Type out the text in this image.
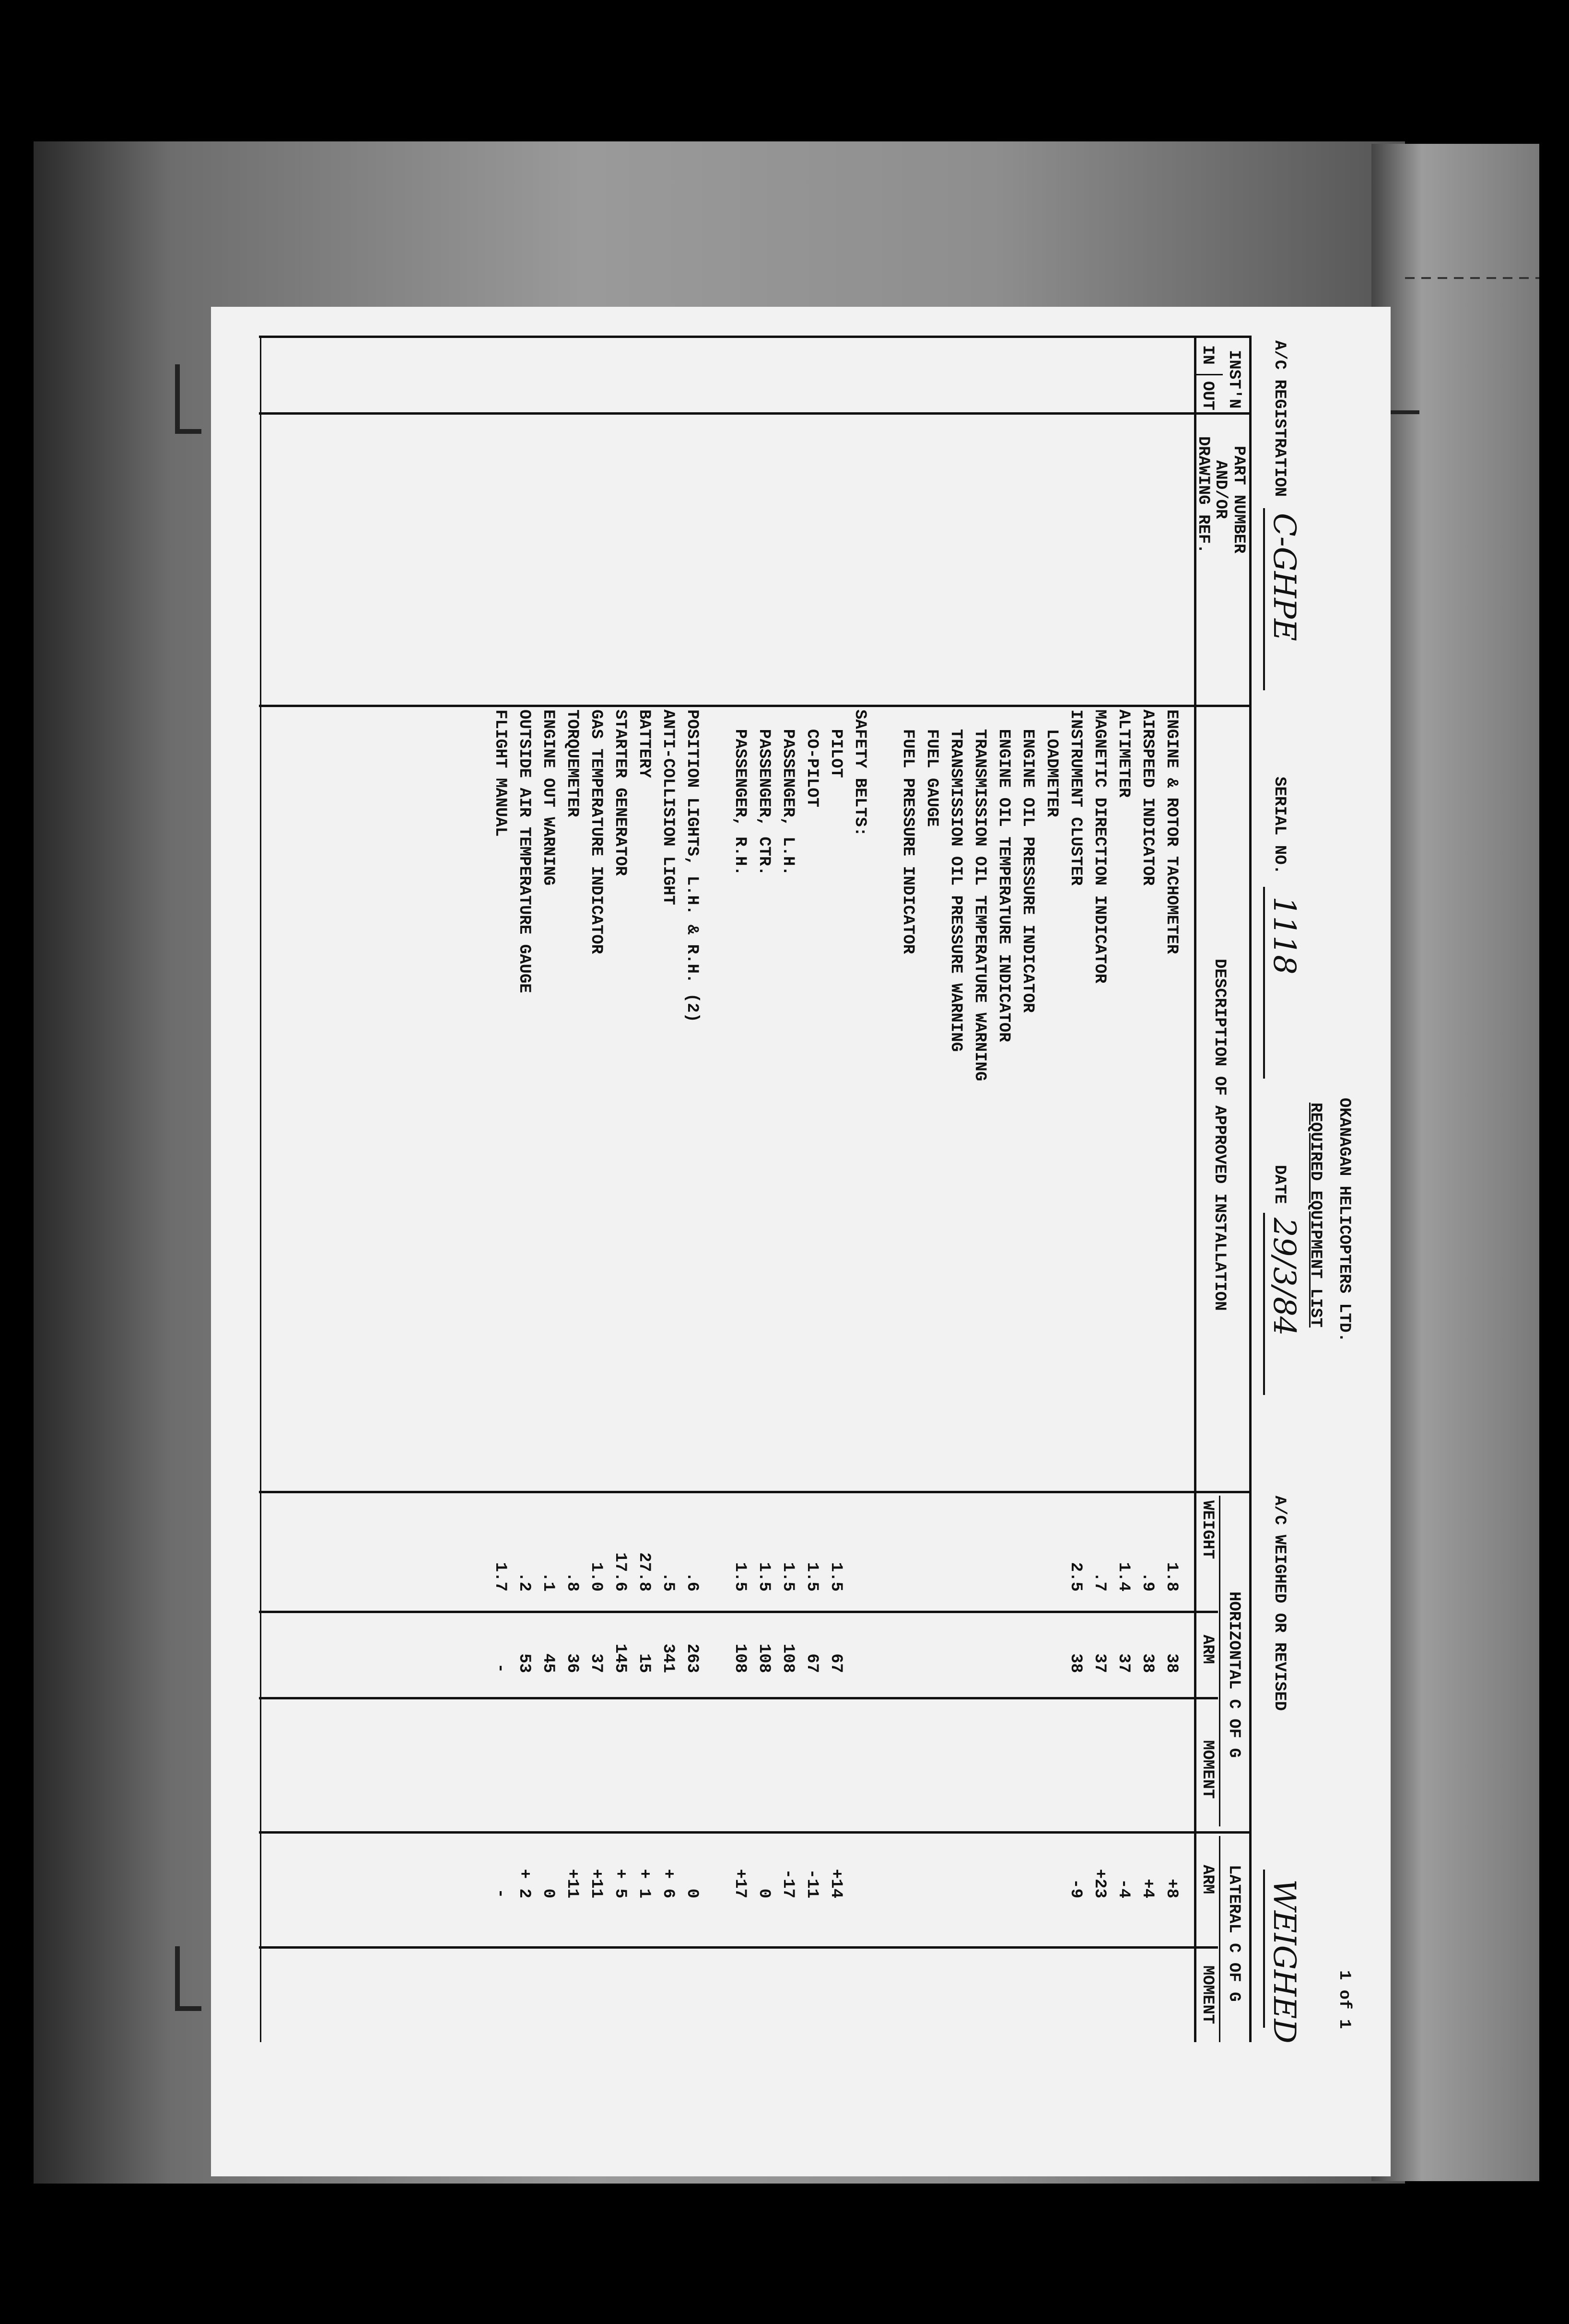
OKANAGAN HELICOPTERS LTD.
REQUIRED EQUIPMENT LIST
1 of 1
A/C REGISTRATION
C-GHPE
SERIAL NO.
1118
DATE
29/3/84
A/C WEIGHED OR REVISED
WEIGHED
INST'N
IN
OUT
PART NUMBER
AND/OR
DRAWING REF.
DESCRIPTION OF APPROVED INSTALLATION
HORIZONTAL C OF G
WEIGHT
ARM
MOMENT
LATERAL C OF G
ARM
MOMENT
ENGINE & ROTOR TACHOMETER
AIRSPEED INDICATOR
ALTIMETER
MAGNETIC DIRECTION INDICATOR
INSTRUMENT CLUSTER
LOADMETER
ENGINE OIL PRESSURE INDICATOR
ENGINE OIL TEMPERATURE INDICATOR
TRANSMISSION OIL TEMPERATURE WARNING
TRANSMISSION OIL PRESSURE WARNING
FUEL GAUGE
FUEL PRESSURE INDICATOR
SAFETY BELTS:
PILOT
CO-PILOT
PASSENGER, L.H.
PASSENGER, CTR.
PASSENGER, R.H.
POSITION LIGHTS, L.H. & R.H. (2)
ANTI-COLLISION LIGHT
BATTERY
STARTER GENERATOR
GAS TEMPERATURE INDICATOR
TORQUEMETER
ENGINE OUT WARNING
OUTSIDE AIR TEMPERATURE GAUGE
FLIGHT MANUAL
1.8
.9
1.4
.7
2.5
1.5
1.5
1.5
1.5
1.5
.6
.5
27.8
17.6
1.0
.8
.1
.2
1.7
38
38
37
37
38
67
67
108
108
108
263
341
15
145
37
36
45
53
-
+8
+4
-4
+23
-9
+14
-11
-17
0
+17
0
+ 6
+ 1
+ 5
+11
+11
0
+ 2
-
